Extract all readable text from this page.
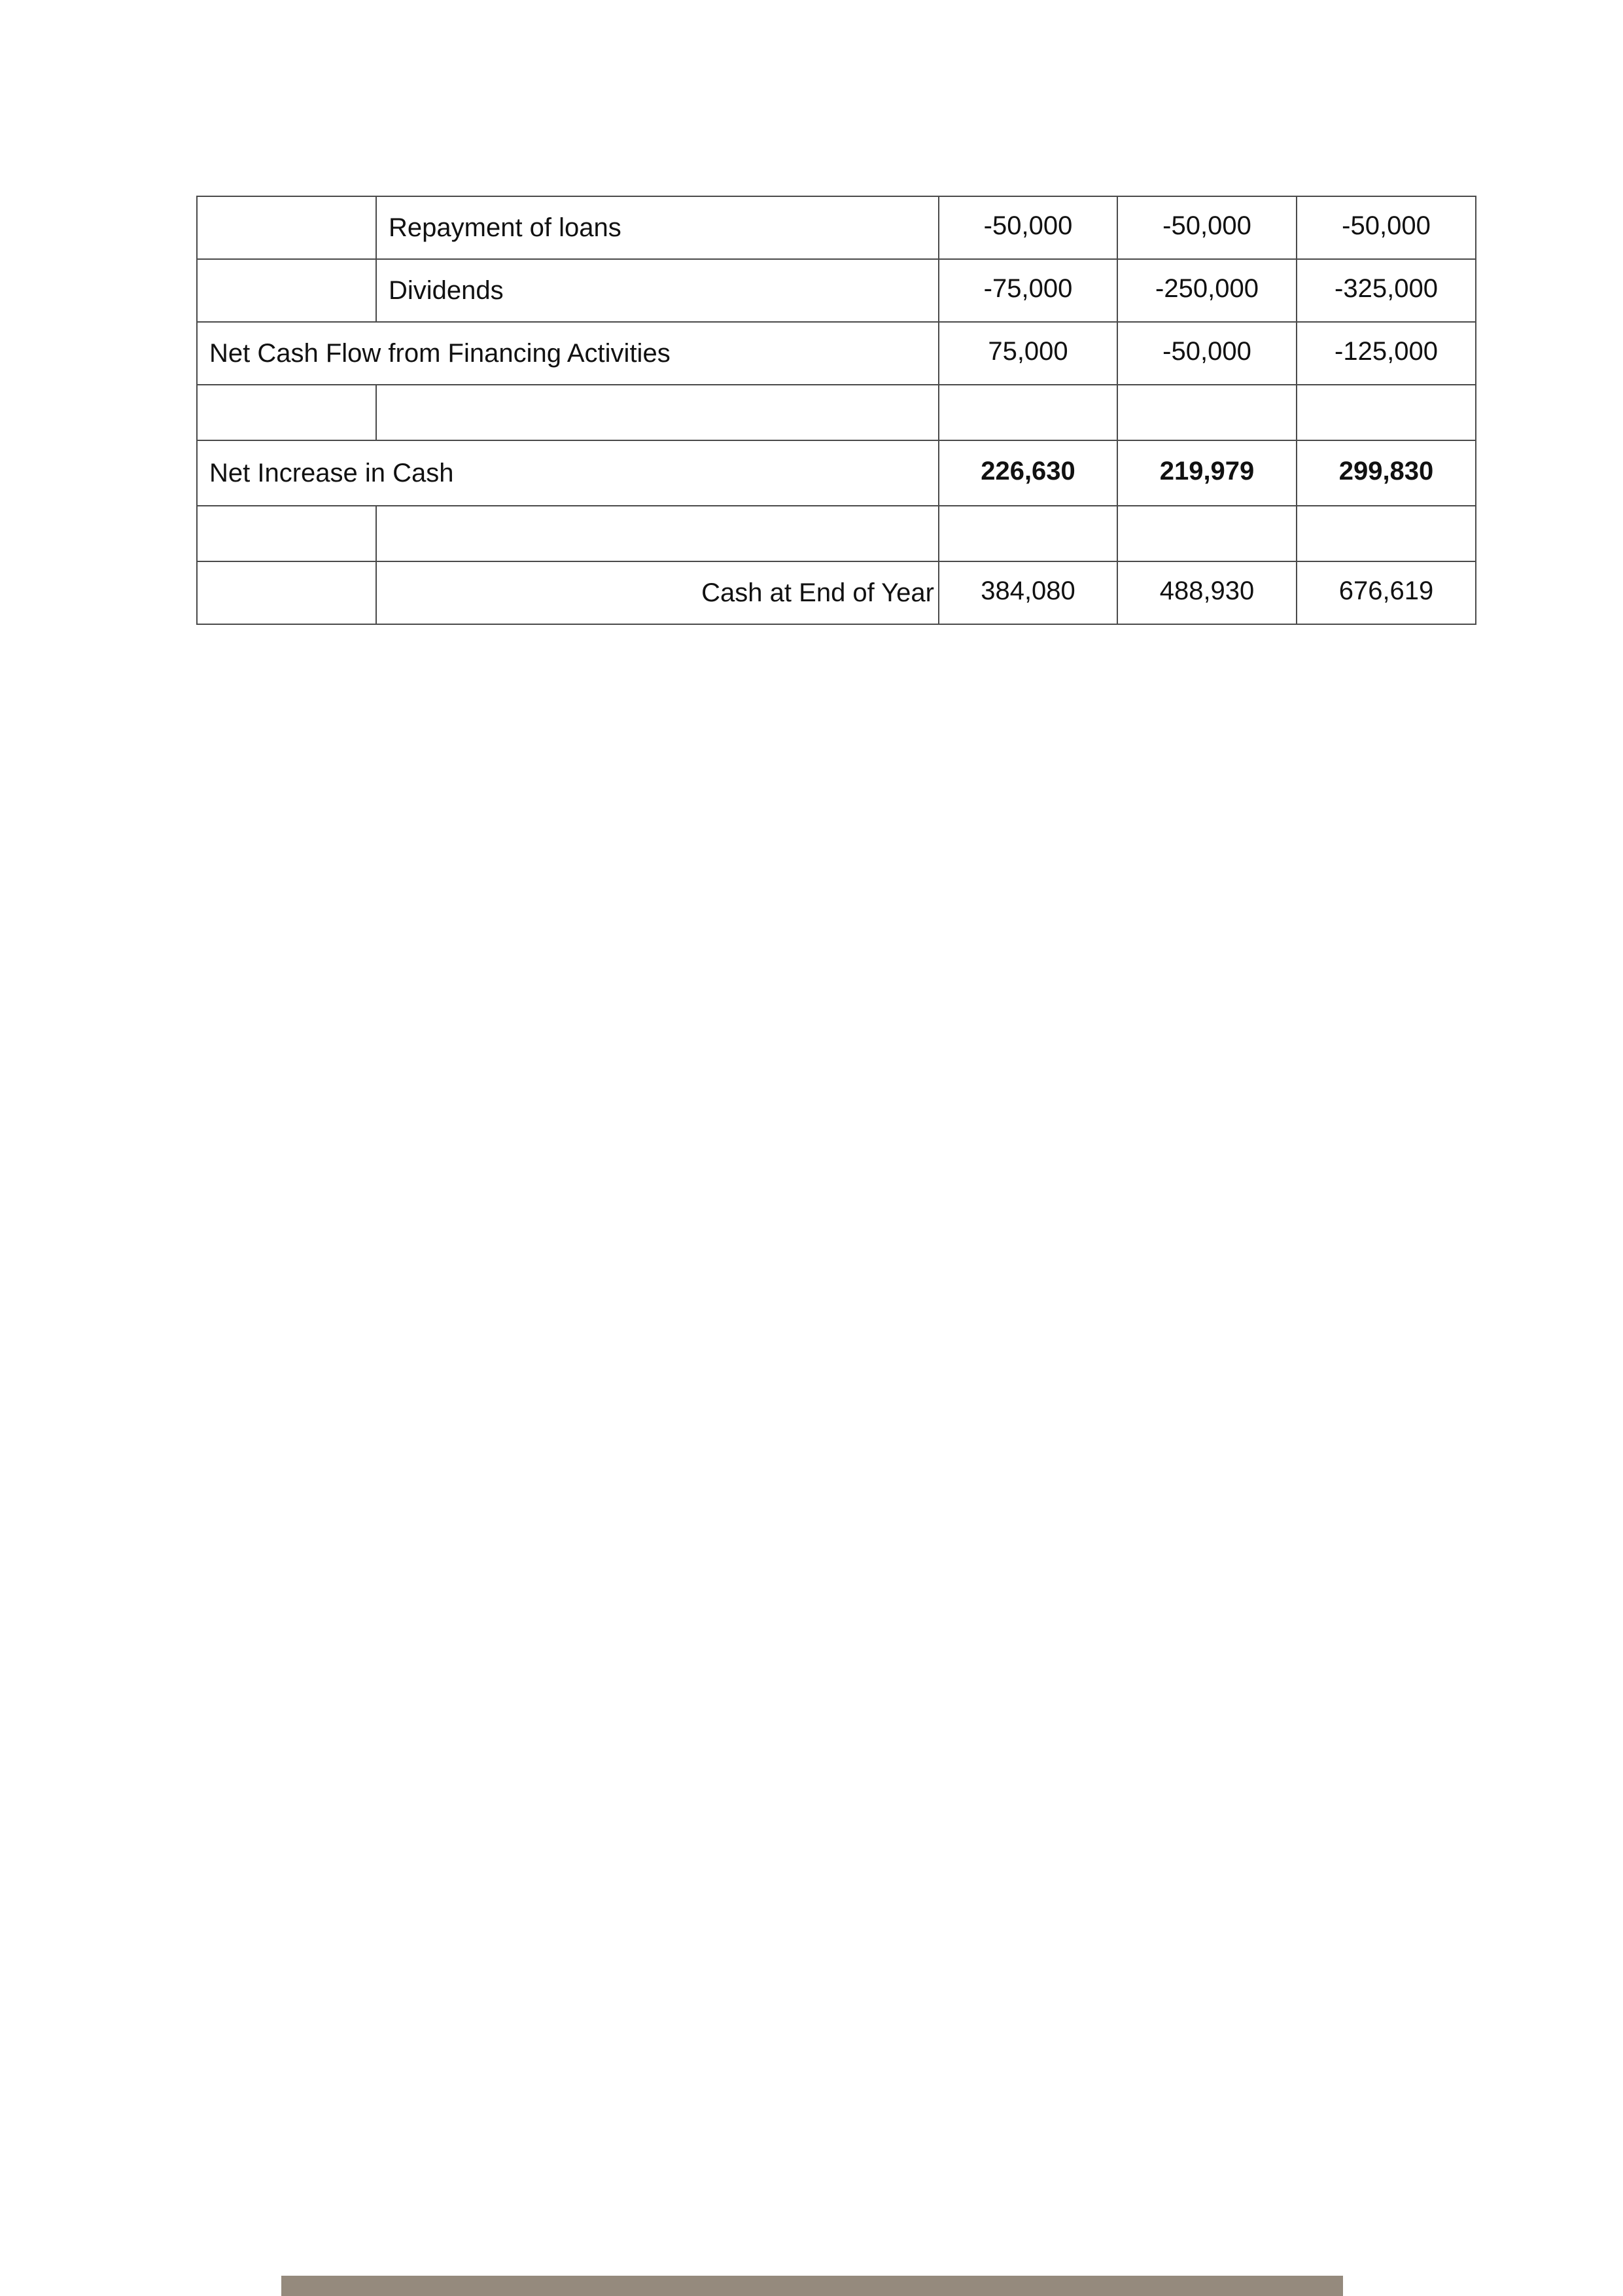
	Repayment of loans	-50,000	-50,000	-50,000
	Dividends	-75,000	-250,000	-325,000
Net Cash Flow from Financing Activities		75,000	-50,000	-125,000

Net Increase in Cash		226,630	219,979	299,830

	Cash at End of Year	384,080	488,930	676,619
